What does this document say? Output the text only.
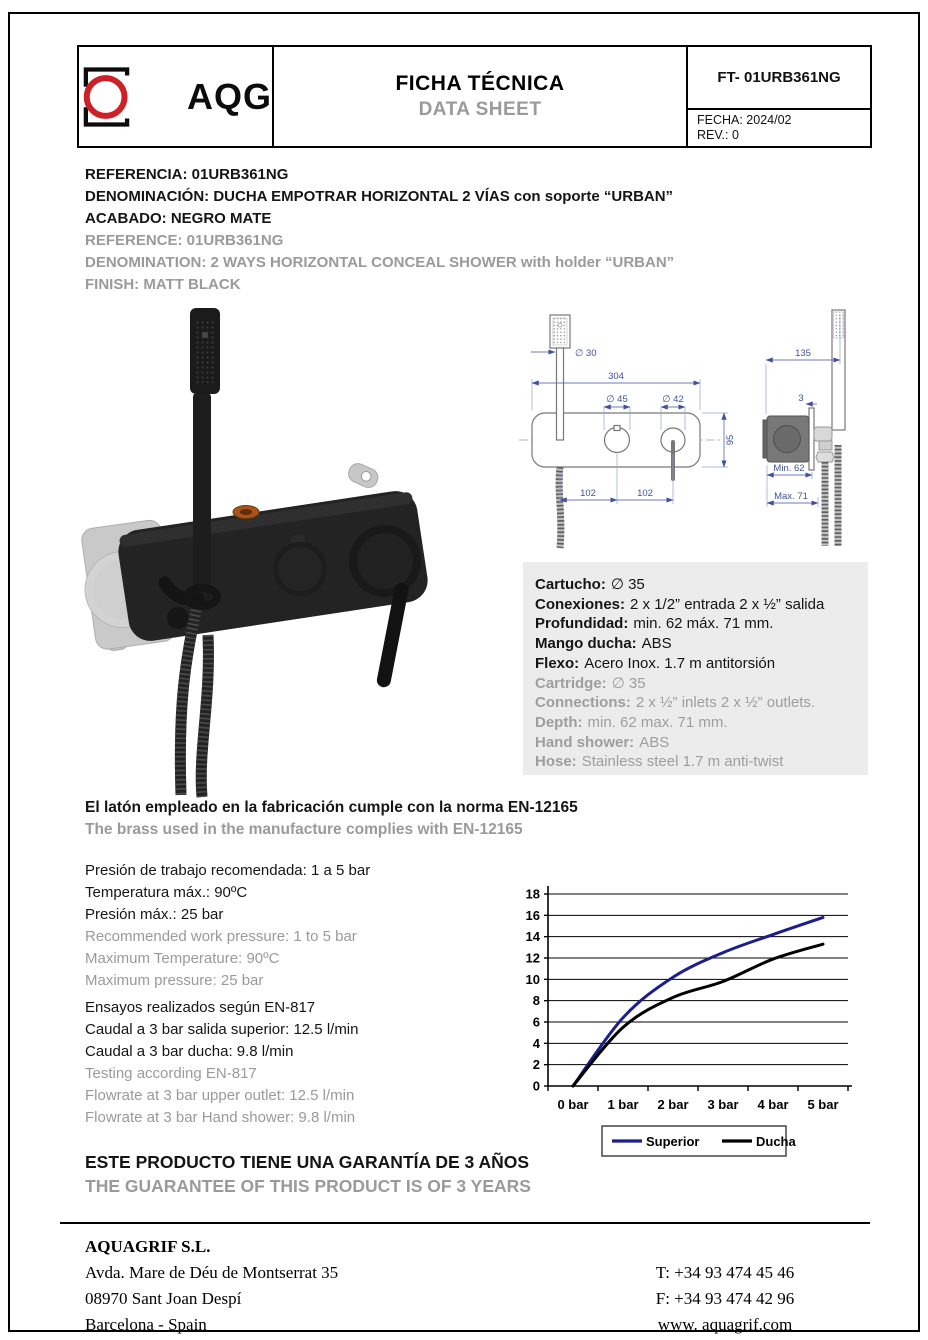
AQG	FICHA TÉCNICA
DATA SHEET
FT- 01URB361NG
FECHA: 2024/02
REV.: 0
REFERENCIA: 01URB361NG
DENOMINACIÓN: DUCHA EMPOTRAR HORIZONTAL 2 VÍAS con soporte “URBAN”
ACABADO: NEGRO MATE
REFERENCE: 01URB361NG
DENOMINATION: 2 WAYS HORIZONTAL CONCEAL SHOWER with holder “URBAN”
FINISH: MATT BLACK
∅ 30
304
∅ 45	∅ 42
95
102	102
135
3
Min. 62
Max. 71
Cartucho: ∅ 35
Conexiones: 2 x 1/2” entrada 2 x ½” salida
Profundidad: min. 62 máx. 71 mm.
Mango ducha: ABS
Flexo: Acero Inox. 1.7 m antitorsión
Cartridge: ∅ 35
Connections: 2 x ½” inlets 2 x ½” outlets.
Depth: min. 62 max. 71 mm.
Hand shower: ABS
Hose: Stainless steel 1.7 m anti-twist
El latón empleado en la fabricación cumple con la norma EN-12165
The brass used in the manufacture complies with EN-12165
Presión de trabajo recomendada: 1 a 5 bar
Temperatura máx.: 90ºC
Presión máx.: 25 bar
Recommended work pressure: 1 to 5 bar
Maximum Temperature: 90ºC
Maximum pressure: 25 bar
Ensayos realizados según EN-817
Caudal a 3 bar salida superior: 12.5 l/min
Caudal a 3 bar ducha: 9.8 l/min
Testing according EN-817
Flowrate at 3 bar upper outlet: 12.5 l/min
Flowrate at 3 bar Hand shower: 9.8 l/min
0
2
4
6
8
10
12
14
16
18
0 bar 1 bar 2 bar 3 bar 4 bar 5 bar
Superior	Ducha
ESTE PRODUCTO TIENE UNA GARANTÍA DE 3 AÑOS
THE GUARANTEE OF THIS PRODUCT IS OF 3 YEARS
AQUAGRIF S.L.
Avda. Mare de Déu de Montserrat 35
08970 Sant Joan Despí
Barcelona - Spain
T: +34 93 474 45 46
F: +34 93 474 42 96
www. aquagrif.com
